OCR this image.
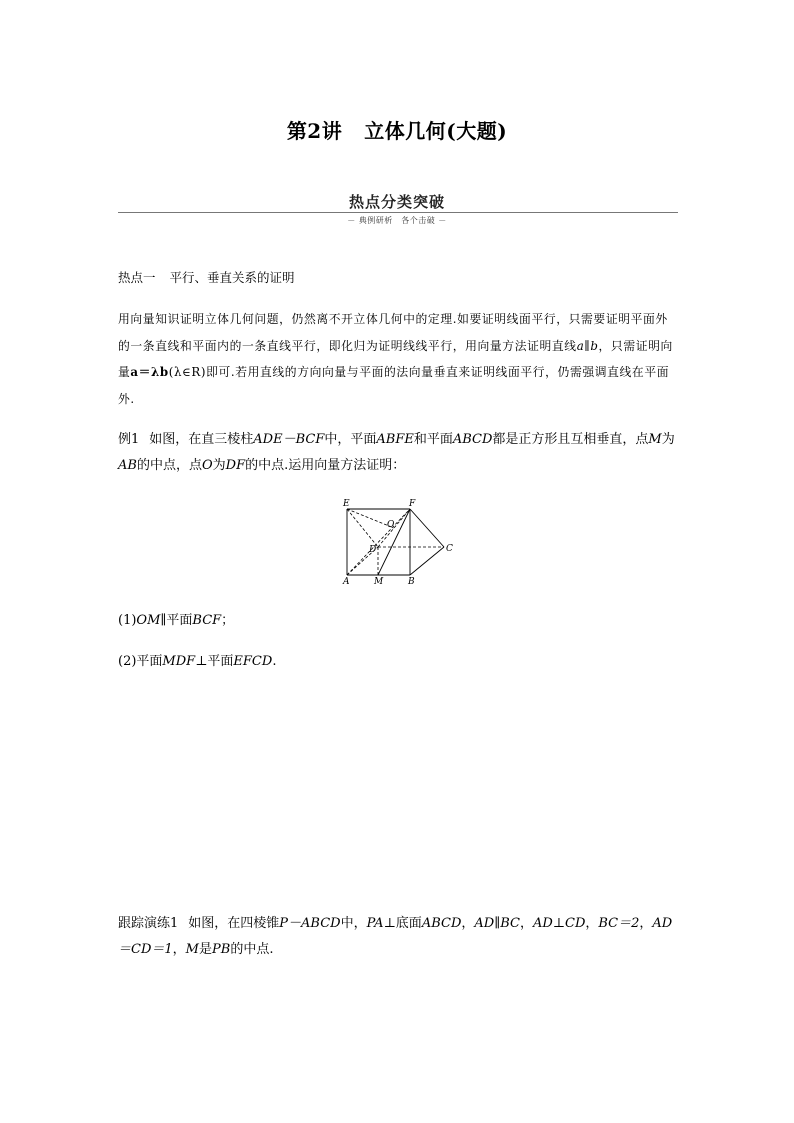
第2讲 立体几何(大题)
热点分类突破
－ 典例研析　各个击破 －
热点一 平行、垂直关系的证明
用向量知识证明立体几何问题，仍然离不开立体几何中的定理.如要证明线面平行，只需要证明平面外的一条直线和平面内的一条直线平行，即化归为证明线线平行，用向量方法证明直线a∥b，只需证明向量a＝λb(λ∈R)即可.若用直线的方向向量与平面的法向量垂直来证明线面平行，仍需强调直线在平面外.
例1 如图，在直三棱柱ADE－BCF中，平面ABFE和平面ABCD都是正方形且互相垂直，点M为AB的中点，点O为DF的中点.运用向量方法证明：
E	F
O
D	C
A	M	B
(1)OM∥平面BCF；
(2)平面MDF⊥平面EFCD.
跟踪演练1 如图，在四棱锥P－ABCD中，PA⊥底面ABCD，AD∥BC，AD⊥CD，BC＝2，AD＝CD＝1，M是PB的中点.
